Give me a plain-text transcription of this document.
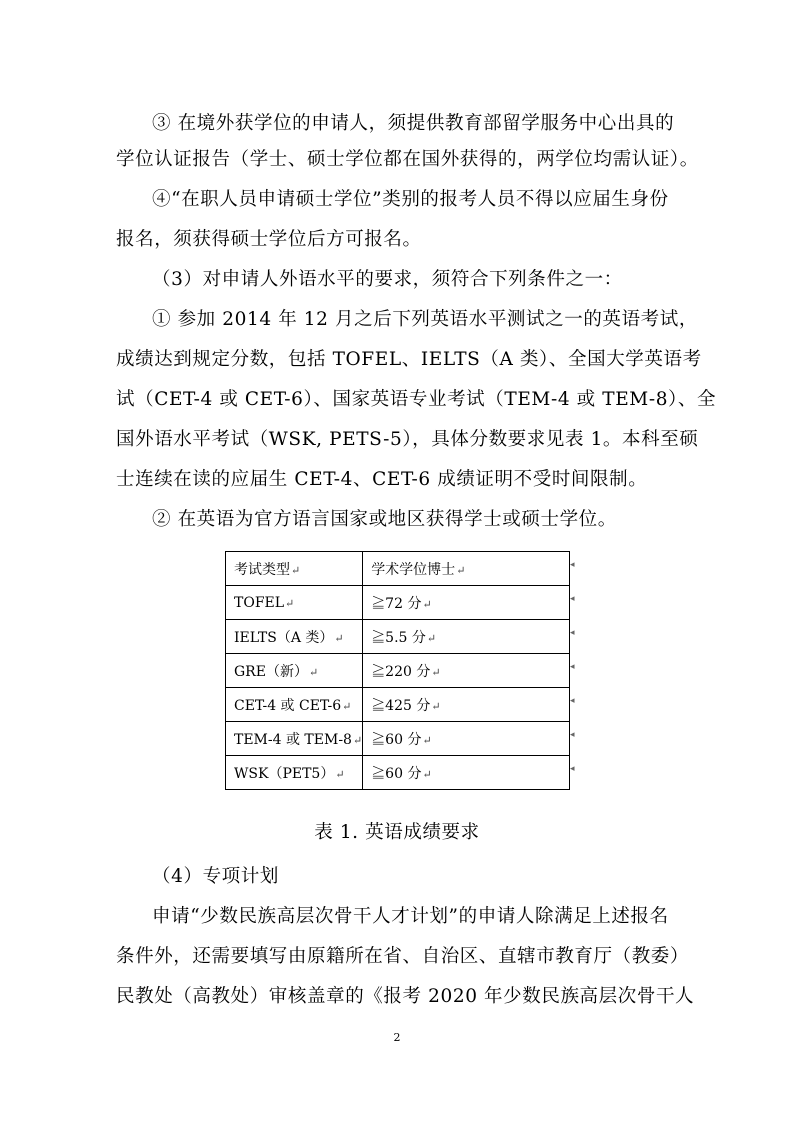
③ 在境外获学位的申请人，须提供教育部留学服务中心出具的

学位认证报告（学士、硕士学位都在国外获得的，两学位均需认证）。

④“在职人员申请硕士学位”类别的报考人员不得以应届生身份

报名，须获得硕士学位后方可报名。

（3）对申请人外语水平的要求，须符合下列条件之一：

① 参加 2014 年 12 月之后下列英语水平测试之一的英语考试，

成绩达到规定分数，包括 TOFEL、IELTS（A 类）、全国大学英语考

试（CET-4 或 CET-6）、国家英语专业考试（TEM-4 或 TEM-8）、全

国外语水平考试（WSK, PETS-5），具体分数要求见表 1。本科至硕

士连续在读的应届生 CET-4、CET-6 成绩证明不受时间限制。

② 在英语为官方语言国家或地区获得学士或硕士学位。

考试类型↵	学术学位博士↵
TOFEL↵	≧72 分↵
IELTS（A 类）↵	≧5.5 分↵
GRE（新）↵	≧220 分↵
CET-4 或 CET-6↵	≧425 分↵
TEM-4 或 TEM-8↵	≧60 分↵
WSK（PET5）↵	≧60 分↵
◂
◂
◂
◂
◂
◂
◂

表 1. 英语成绩要求

（4）专项计划

申请“少数民族高层次骨干人才计划”的申请人除满足上述报名

条件外，还需要填写由原籍所在省、自治区、直辖市教育厅（教委）

民教处（高教处）审核盖章的《报考 2020 年少数民族高层次骨干人

2
